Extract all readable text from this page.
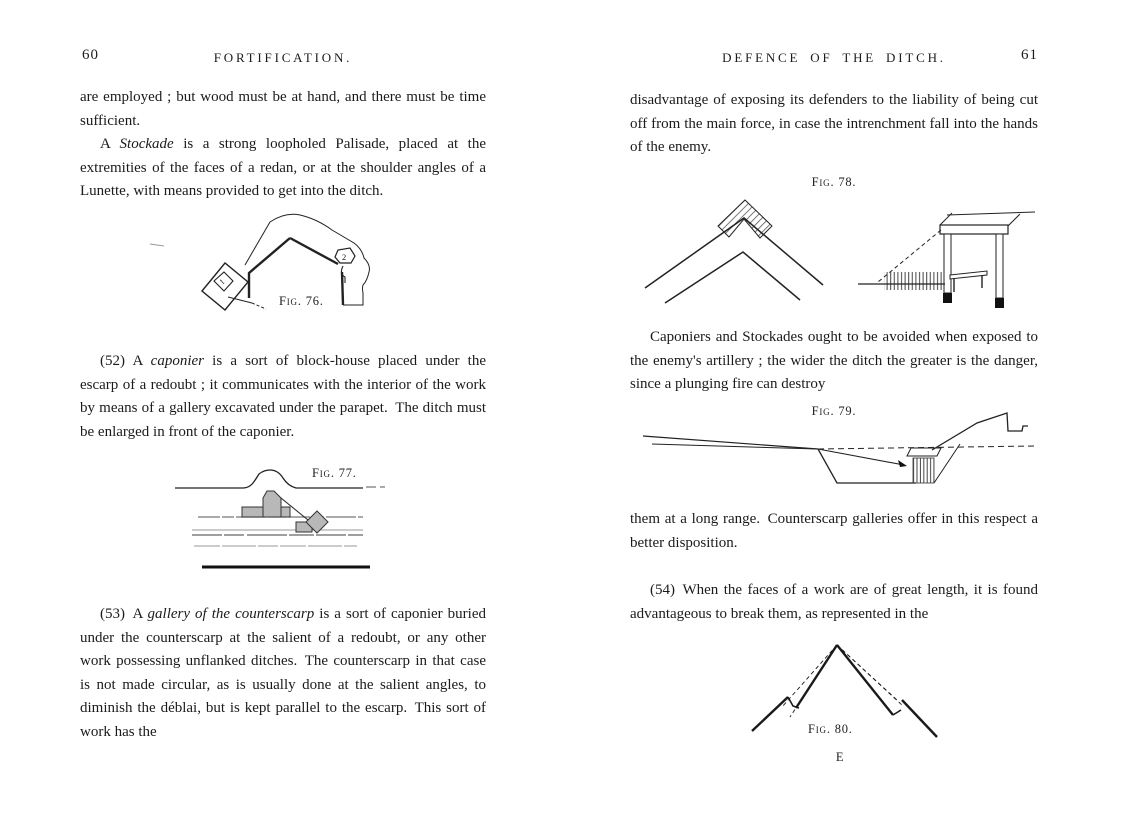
60	FORTIFICATION.

are employed ; but wood must be at hand, and there must be time sufficient.

A Stockade is a strong loopholed Palisade, placed at the extremities of the faces of a redan, or at the shoulder angles of a Lunette, with means provided to get into the ditch.

1
2
Fig. 76.

(52) A caponier is a sort of block-house placed under the escarp of a redoubt ; it communicates with the interior of the work by means of a gallery excavated under the parapet. The ditch must be enlarged in front of the caponier.

Fig. 77.

(53) A gallery of the counterscarp is a sort of caponier buried under the counterscarp at the salient of a redoubt, or any other work possessing unflanked ditches. The counterscarp in that case is not made circular, as is usually done at the salient angles, to diminish the déblai, but is kept parallel to the escarp. This sort of work has the

DEFENCE OF THE DITCH.	61

disadvantage of exposing its defenders to the liability of being cut off from the main force, in case the intrenchment fall into the hands of the enemy.

Fig. 78.

Caponiers and Stockades ought to be avoided when exposed to the enemy's artillery ; the wider the ditch the greater is the danger, since a plunging fire can destroy

Fig. 79.

them at a long range. Counterscarp galleries offer in this respect a better disposition.

(54) When the faces of a work are of great length, it is found advantageous to break them, as represented in the

Fig. 80.
E
